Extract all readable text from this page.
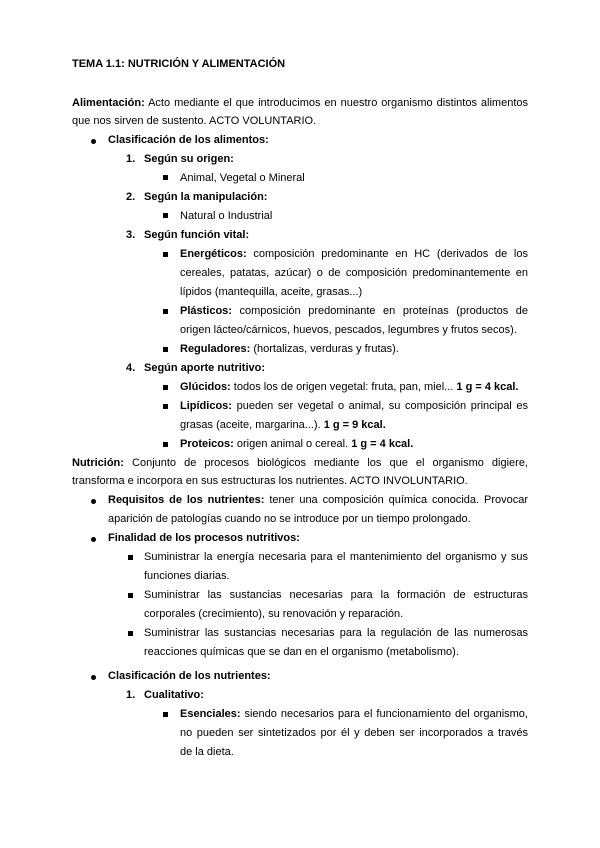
TEMA 1.1: NUTRICIÓN Y ALIMENTACIÓN
Alimentación: Acto mediante el que introducimos en nuestro organismo distintos alimentos
que nos sirven de sustento. ACTO VOLUNTARIO.
Clasificación de los alimentos:
1. Según su origen:
Animal, Vegetal o Mineral
2. Según la manipulación:
Natural o Industrial
3. Según función vital:
Energéticos: composición predominante en HC (derivados de los
cereales, patatas, azúcar) o de composición predominantemente en
lípidos (mantequilla, aceite, grasas...)
Plásticos: composición predominante en proteínas (productos de
origen lácteo/cárnicos, huevos, pescados, legumbres y frutos secos).
Reguladores: (hortalizas, verduras y frutas).
4. Según aporte nutritivo:
Glúcidos: todos los de origen vegetal: fruta, pan, miel... 1 g = 4 kcal.
Lipídicos: pueden ser vegetal o animal, su composición principal es
grasas (aceite, margarina...). 1 g = 9 kcal.
Proteicos: origen animal o cereal. 1 g = 4 kcal.
Nutrición: Conjunto de procesos biológicos mediante los que el organismo digiere,
transforma e incorpora en sus estructuras los nutrientes. ACTO INVOLUNTARIO.
Requisitos de los nutrientes: tener una composición química conocida. Provocar
aparición de patologías cuando no se introduce por un tiempo prolongado.
Finalidad de los procesos nutritivos:
Suministrar la energía necesaria para el mantenimiento del organismo y sus
funciones diarias.
Suministrar las sustancias necesarias para la formación de estructuras
corporales (crecimiento), su renovación y reparación.
Suministrar las sustancias necesarias para la regulación de las numerosas
reacciones químicas que se dan en el organismo (metabolismo).
Clasificación de los nutrientes:
1. Cualitativo:
Esenciales: siendo necesarios para el funcionamiento del organismo,
no pueden ser sintetizados por él y deben ser incorporados a través
de la dieta.
